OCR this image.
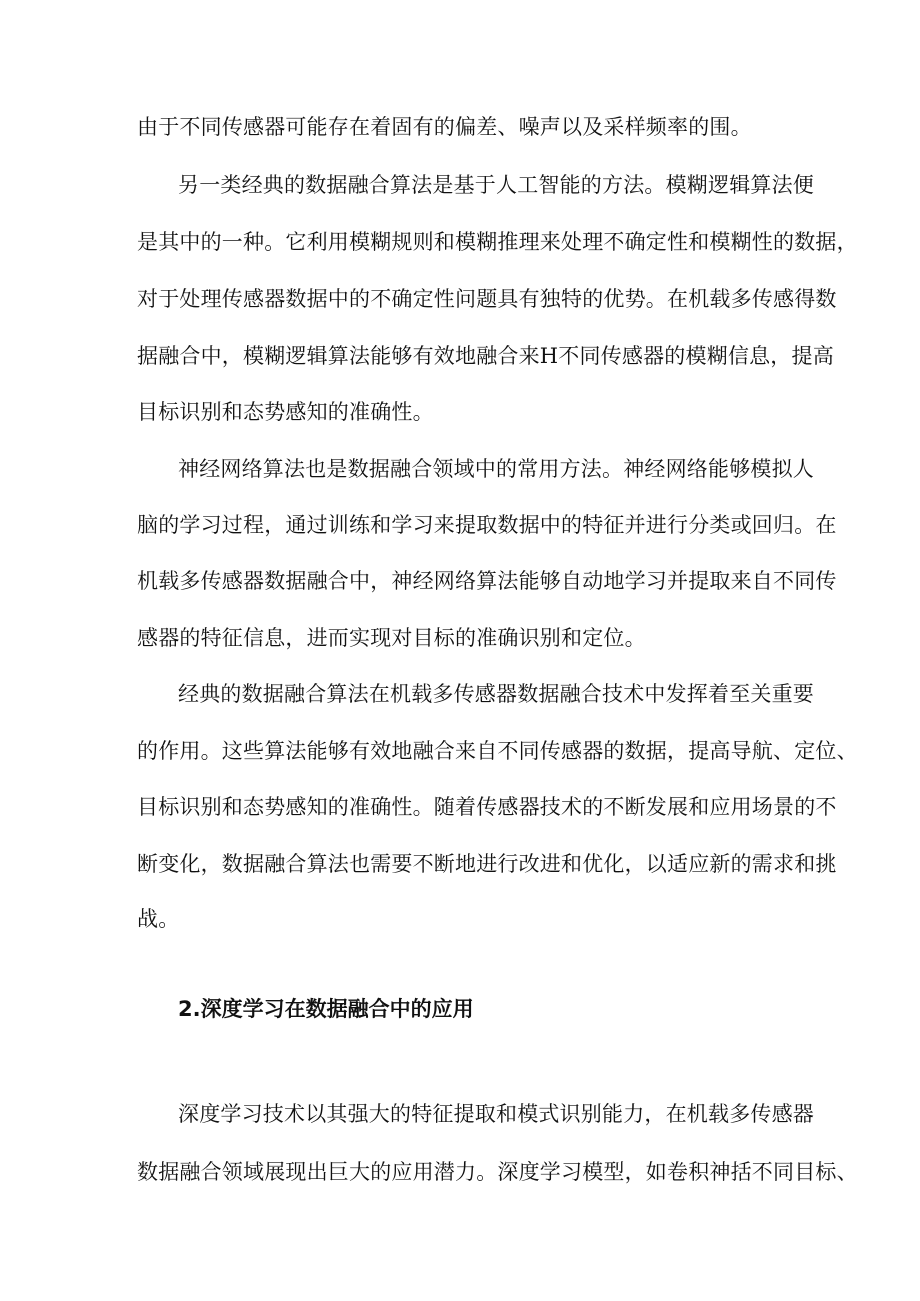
由于不同传感器可能存在着固有的偏差、噪声以及采样频率的围。
另一类经典的数据融合算法是基于人工智能的方法。模糊逻辑算法便
是其中的一种。它利用模糊规则和模糊推理来处理不确定性和模糊性的数据，
对于处理传感器数据中的不确定性问题具有独特的优势。在机载多传感得数
据融合中，模糊逻辑算法能够有效地融合来H不同传感器的模糊信息，提高
目标识别和态势感知的准确性。
神经网络算法也是数据融合领域中的常用方法。神经网络能够模拟人
脑的学习过程，通过训练和学习来提取数据中的特征并进行分类或回归。在
机载多传感器数据融合中，神经网络算法能够自动地学习并提取来自不同传
感器的特征信息，进而实现对目标的准确识别和定位。
经典的数据融合算法在机载多传感器数据融合技术中发挥着至关重要
的作用。这些算法能够有效地融合来自不同传感器的数据，提高导航、定位、
目标识别和态势感知的准确性。随着传感器技术的不断发展和应用场景的不
断变化，数据融合算法也需要不断地进行改进和优化，以适应新的需求和挑
战。
2.深度学习在数据融合中的应用
深度学习技术以其强大的特征提取和模式识别能力，在机载多传感器
数据融合领域展现出巨大的应用潜力。深度学习模型，如卷积神括不同目标、
